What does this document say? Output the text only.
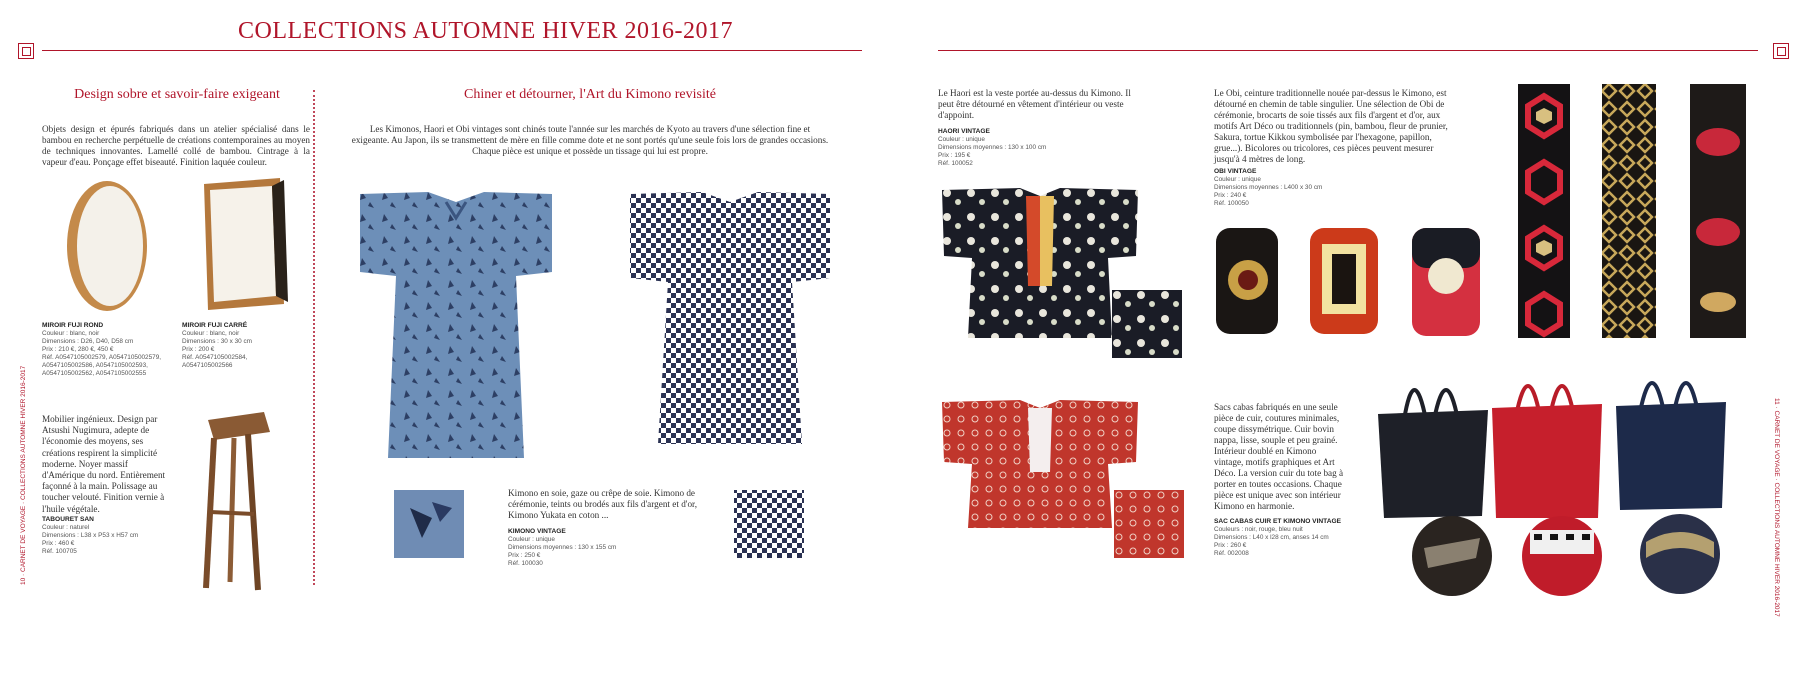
COLLECTIONS AUTOMNE HIVER 2016-2017
10 · CARNET DE VOYAGE · COLLECTIONS AUTOMNE HIVER 2016-2017	11 · CARNET DE VOYAGE · COLLECTIONS AUTOMNE HIVER 2016-2017
Design sobre et savoir-faire exigeant
Objets design et épurés fabriqués dans un atelier spécialisé dans le bambou en recherche perpétuelle de créations contemporaines au moyen de techniques innovantes. Lamellé collé de bambou. Cintrage à la vapeur d'eau. Ponçage effet biseauté. Finition laquée couleur.
MIROIR FUJI ROND
Couleur : blanc, noir
Dimensions : D26, D40, D58 cm
Prix : 210 €, 280 €, 450 €
Réf. A05471050025​79, A0547105002579,
A0547105002586, A0547105002593,
A0547105002562, A0547105002555
MIROIR FUJI CARRÉ
Couleur : blanc, noir
Dimensions : 30 x 30 cm
Prix : 200 €
Réf. A0547105002584,
A0547105002566
Mobilier ingénieux. Design par Atsushi Nugimura, adepte de l'économie des moyens, ses créations respirent la simplicité moderne. Noyer massif d'Amérique du nord. Entièrement façonné à la main. Polissage au toucher velouté. Finition vernie à l'huile végétale.
TABOURET SAN
Couleur : naturel
Dimensions : L38 x P53 x H57 cm
Prix : 460 €
Réf. 100705
Chiner et détourner, l'Art du Kimono revisité
Les Kimonos, Haori et Obi vintages sont chinés toute l'année sur les marchés de Kyoto au travers d'une sélection fine et exigeante. Au Japon, ils se transmettent de mère en fille comme dote et ne sont portés qu'une seule fois lors de grandes occasions. Chaque pièce est unique et possède un tissage qui lui est propre.
Kimono en soie, gaze ou crêpe de soie. Kimono de cérémonie, teints ou brodés aux fils d'argent et d'or, Kimono Yukata en coton ...
KIMONO VINTAGE
Couleur : unique
Dimensions moyennes : 130 x 155 cm
Prix : 250 €
Réf. 100030
Le Haori est la veste portée au-dessus du Kimono. Il peut être détourné en vêtement d'intérieur ou veste d'appoint.
HAORI VINTAGE
Couleur : unique
Dimensions moyennes : 130 x 100 cm
Prix : 195 €
Réf. 100052
Le Obi, ceinture traditionnelle nouée par-dessus le Kimono, est détourné en chemin de table singulier. Une sélection de Obi de cérémonie, brocarts de soie tissés aux fils d'argent et d'or, aux motifs Art Déco ou traditionnels (pin, bambou, fleur de prunier, Sakura, tortue Kikkou symbolisée par l'hexagone, papillon, grue...). Bicolores ou tricolores, ces pièces peuvent mesurer jusqu'à 4 mètres de long.
OBI VINTAGE
Couleur : unique
Dimensions moyennes : L400 x 30 cm
Prix : 240 €
Réf. 100050
Sacs cabas fabriqués en une seule pièce de cuir, coutures minimales, coupe dissymétrique. Cuir bovin nappa, lisse, souple et peu grainé. Intérieur doublé en Kimono vintage, motifs graphiques et Art Déco. La version cuir du tote bag à porter en toutes occasions. Chaque pièce est unique avec son intérieur Kimono en harmonie.
SAC CABAS CUIR ET KIMONO VINTAGE
Couleurs : noir, rouge, bleu nuit
Dimensions : L40 x l28 cm, anses 14 cm
Prix : 260 €
Réf. 002008
